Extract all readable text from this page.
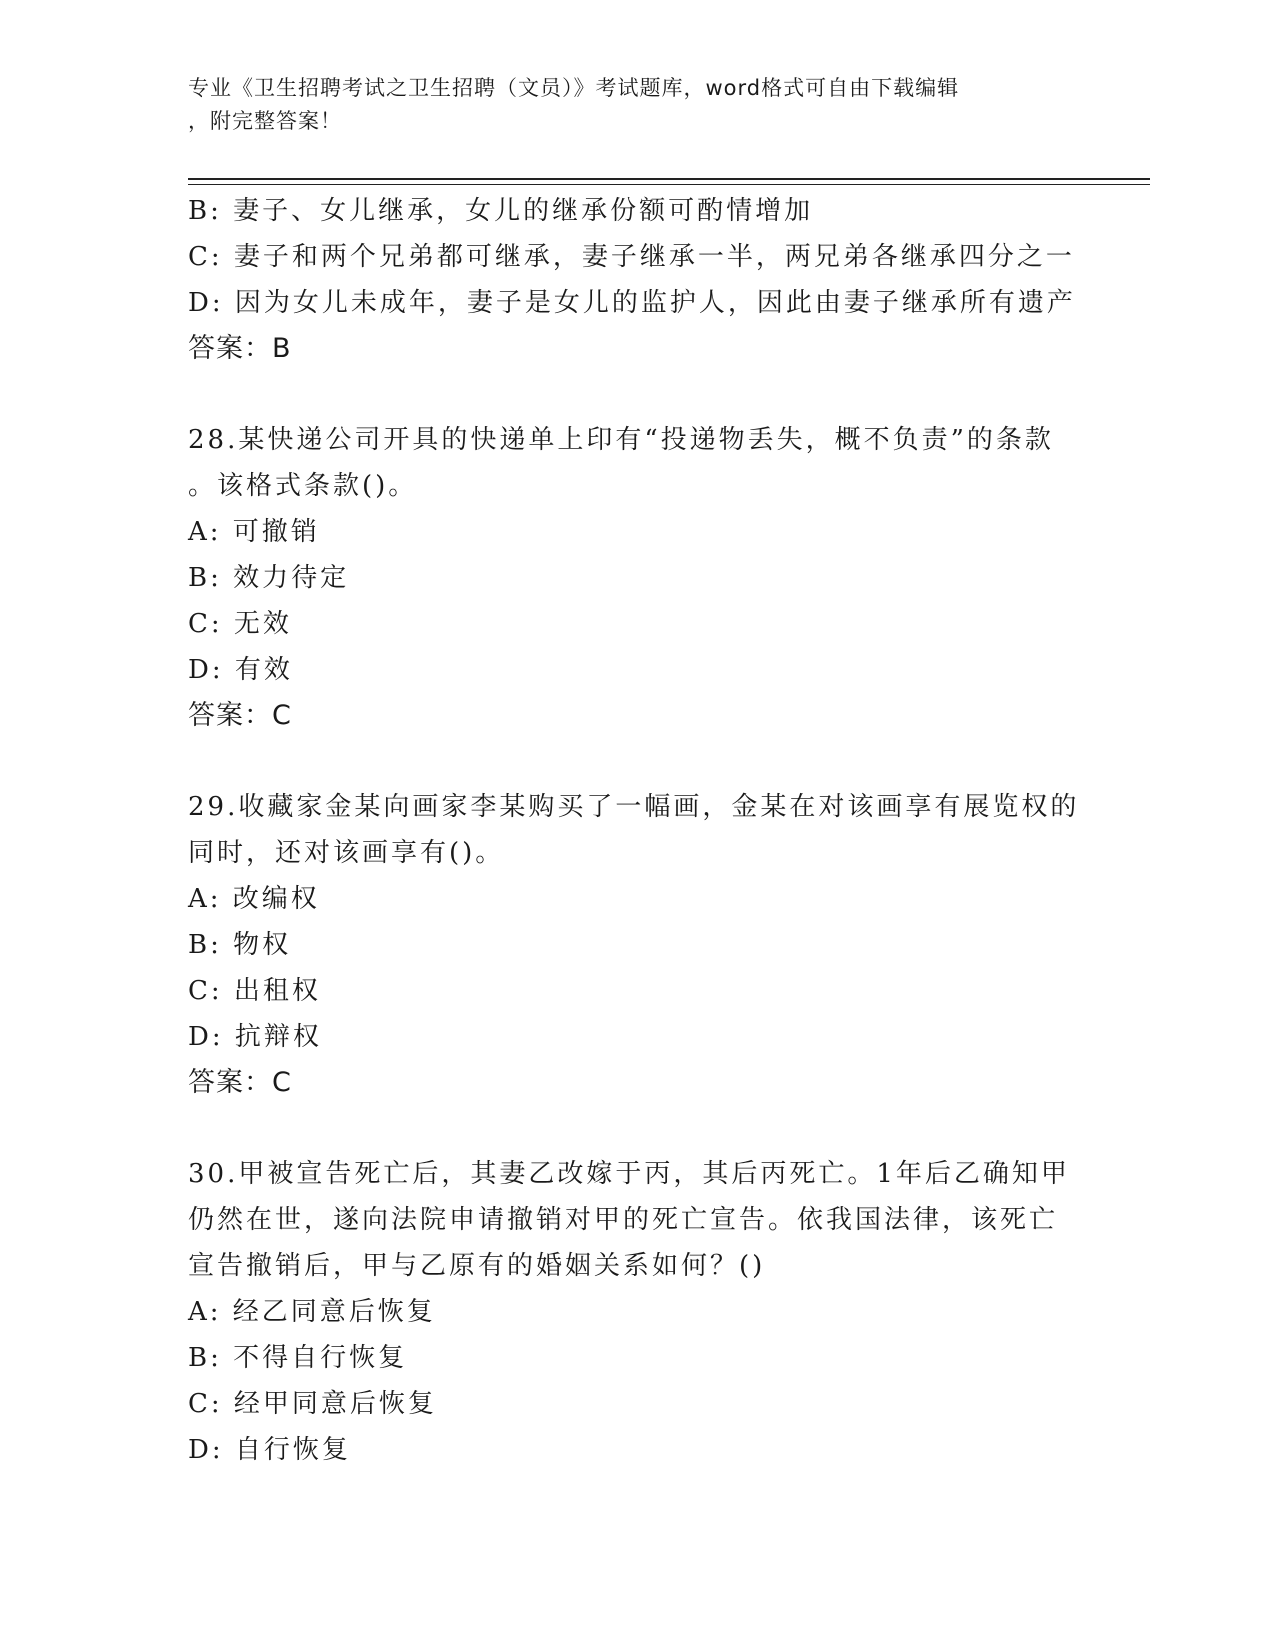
专业《卫生招聘考试之卫生招聘（文员）》考试题库，word格式可自由下载编辑
，附完整答案！
B: 妻子、女儿继承，女儿的继承份额可酌情增加
C: 妻子和两个兄弟都可继承，妻子继承一半，两兄弟各继承四分之一
D: 因为女儿未成年，妻子是女儿的监护人，因此由妻子继承所有遗产
答案：B
28.某快递公司开具的快递单上印有“投递物丢失，概不负责”的条款
。该格式条款()。
A: 可撤销
B: 效力待定
C: 无效
D: 有效
答案：C
29.收藏家金某向画家李某购买了一幅画，金某在对该画享有展览权的
同时，还对该画享有()。
A: 改编权
B: 物权
C: 出租权
D: 抗辩权
答案：C
30.甲被宣告死亡后，其妻乙改嫁于丙，其后丙死亡。1年后乙确知甲
仍然在世，遂向法院申请撤销对甲的死亡宣告。依我国法律，该死亡
宣告撤销后，甲与乙原有的婚姻关系如何？()
A: 经乙同意后恢复
B: 不得自行恢复
C: 经甲同意后恢复
D: 自行恢复
